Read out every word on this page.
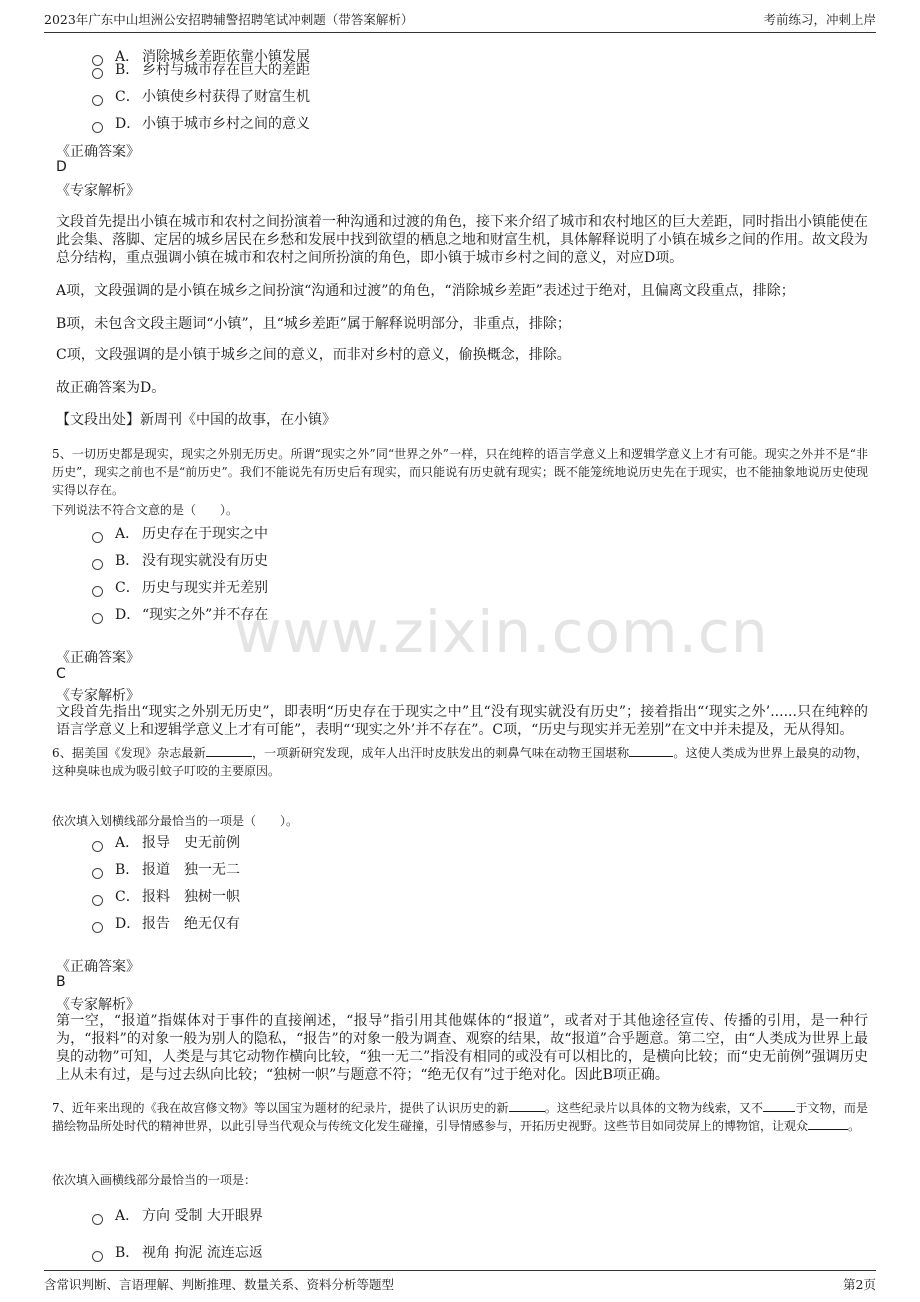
2023年广东中山坦洲公安招聘辅警招聘笔试冲刺题（带答案解析）	考前练习，冲刺上岸
www.zixin.com.cn
A． 消除城乡差距依靠小镇发展
B． 乡村与城市存在巨大的差距
C． 小镇使乡村获得了财富生机
D． 小镇于城市乡村之间的意义
《正确答案》
D
《专家解析》
文段首先提出小镇在城市和农村之间扮演着一种沟通和过渡的角色，接下来介绍了城市和农村地区的巨大差距，同时指出小镇能使在此会集、落脚、定居的城乡居民在乡愁和发展中找到欲望的栖息之地和财富生机，具体解释说明了小镇在城乡之间的作用。故文段为总分结构，重点强调小镇在城市和农村之间所扮演的角色，即小镇于城市乡村之间的意义，对应D项。
A项，文段强调的是小镇在城乡之间扮演“沟通和过渡”的角色，“消除城乡差距”表述过于绝对，且偏离文段重点，排除；
B项，未包含文段主题词“小镇”，且“城乡差距”属于解释说明部分，非重点，排除；
C项，文段强调的是小镇于城乡之间的意义，而非对乡村的意义，偷换概念，排除。
故正确答案为D。
【文段出处】新周刊《中国的故事，在小镇》
5、一切历史都是现实，现实之外别无历史。所谓“现实之外”同“世界之外”一样，只在纯粹的语言学意义上和逻辑学意义上才有可能。现实之外并不是“非历史”，现实之前也不是“前历史”。我们不能说先有历史后有现实，而只能说有历史就有现实；既不能笼统地说历史先在于现实，也不能抽象地说历史使现实得以存在。
下列说法不符合文意的是（　　）。
A． 历史存在于现实之中
B． 没有现实就没有历史
C． 历史与现实并无差别
D． “现实之外”并不存在
《正确答案》
C
《专家解析》
文段首先指出“现实之外别无历史”，即表明“历史存在于现实之中”且“没有现实就没有历史”；接着指出“‘现实之外’......只在纯粹的语言学意义上和逻辑学意义上才有可能”，表明“‘现实之外’并不存在”。C项，“历史与现实并无差别”在文中并未提及，无从得知。
6、据美国《发现》杂志最新	，一项新研究发现，成年人出汗时皮肤发出的刺鼻气味在动物王国堪称	。这使人类成为世界上最臭的动物，这种臭味也成为吸引蚊子叮咬的主要原因。
依次填入划横线部分最恰当的一项是（　　）。
A． 报导　史无前例
B． 报道　独一无二
C． 报料　独树一帜
D． 报告　绝无仅有
《正确答案》
B
《专家解析》
第一空，“报道”指媒体对于事件的直接阐述，“报导”指引用其他媒体的“报道”，或者对于其他途径宣传、传播的引用，是一种行为，“报料”的对象一般为别人的隐私，“报告”的对象一般为调查、观察的结果，故“报道”合乎题意。第二空，由“人类成为世界上最臭的动物”可知，人类是与其它动物作横向比较，“独一无二”指没有相同的或没有可以相比的，是横向比较；而“史无前例”强调历史上从未有过，是与过去纵向比较；“独树一帜”与题意不符；“绝无仅有”过于绝对化。因此B项正确。
7、近年来出现的《我在故宫修文物》等以国宝为题材的纪录片，提供了认识历史的新	。这些纪录片以具体的文物为线索，又不	于文物，而是描绘物品所处时代的精神世界，以此引导当代观众与传统文化发生碰撞，引导情感参与，开拓历史视野。这些节目如同荧屏上的博物馆，让观众	。
依次填入画横线部分最恰当的一项是：
A． 方向 受制 大开眼界
B． 视角 拘泥 流连忘返
含常识判断、言语理解、判断推理、数量关系、资料分析等题型	第2页
